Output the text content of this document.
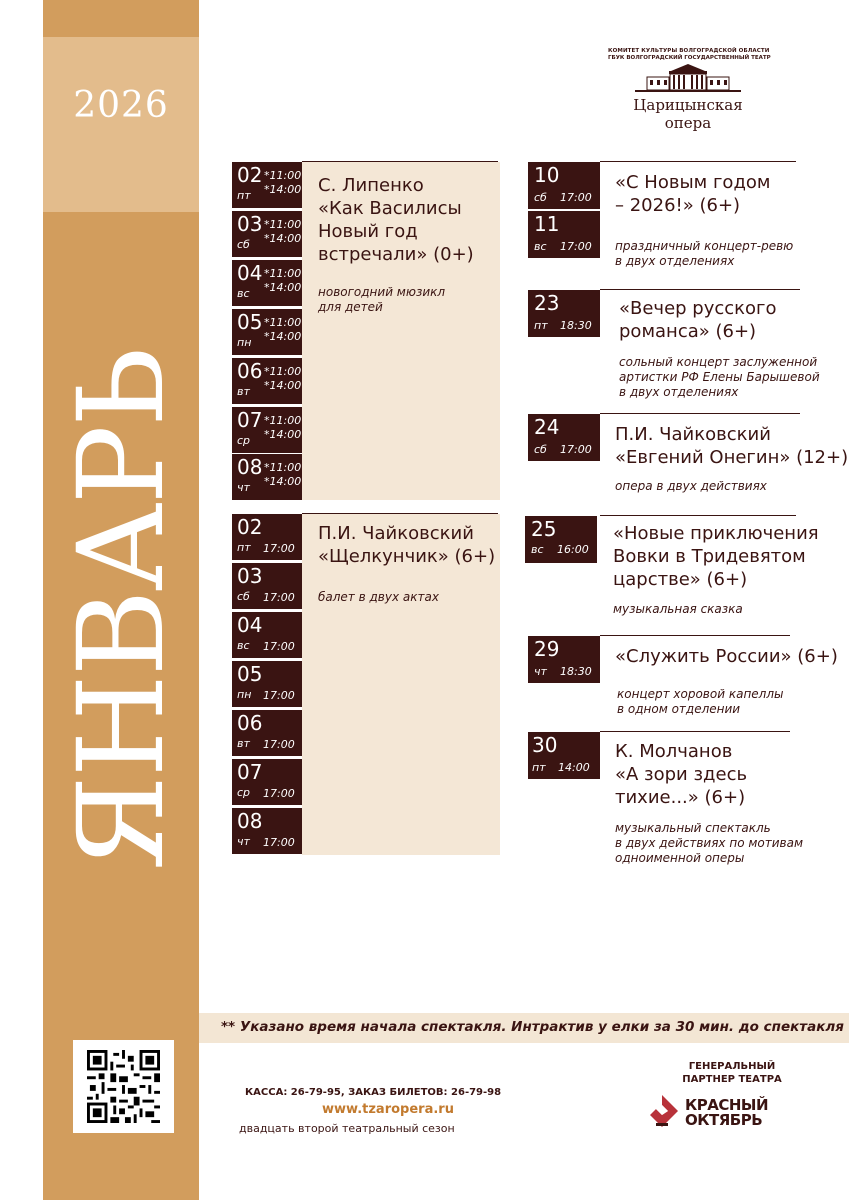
2026
ЯНВАРЬ
КОМИТЕТ КУЛЬТУРЫ ВОЛГОГРАДСКОЙ ОБЛАСТИ
ГБУК ВОЛГОГРАДСКИЙ ГОСУДАРСТВЕННЫЙ ТЕАТР
Царицынская
опера
02
пт
*11:00
*14:00
03
сб
*11:00
*14:00
04
вс
*11:00
*14:00
05
пн
*11:00
*14:00
06
вт
*11:00
*14:00
07
ср
*11:00
*14:00
08
чт
*11:00
*14:00
С. Липенко
«Как Василисы
Новый год
встречали» (0+)
новогодний мюзикл
для детей
02
пт 17:00
03
сб 17:00
04
вс 17:00
05
пн 17:00
06
вт 17:00
07
ср 17:00
08
чт 17:00
П.И. Чайковский
«Щелкунчик» (6+)
балет в двух актах
10
сб 17:00
11
вс 17:00
«С Новым годом
– 2026!» (6+)
праздничный концерт-ревю
в двух отделениях
23
пт 18:30
«Вечер русского
романса» (6+)
сольный концерт заслуженной
артистки РФ Елены Барышевой
в двух отделениях
24
сб 17:00
П.И. Чайковский
«Евгений Онегин» (12+)
опера в двух действиях
25
вс 16:00
«Новые приключения
Вовки в Тридевятом
царстве» (6+)
музыкальная сказка
29
чт 18:30
«Служить России» (6+)
концерт хоровой капеллы
в одном отделении
30
пт 14:00
К. Молчанов
«А зори здесь
тихие...» (6+)
музыкальный спектакль
в двух действиях по мотивам
одноименной оперы
** Указано время начала спектакля. Интрактив у елки за 30 мин. до спектакля
КАССА: 26-79-95, ЗАКАЗ БИЛЕТОВ: 26-79-98
www.tzaropera.ru
двадцать второй театральный сезон
ГЕНЕРАЛЬНЫЙ
ПАРТНЕР ТЕАТРА
КРАСНЫЙ
ОКТЯБРЬ
